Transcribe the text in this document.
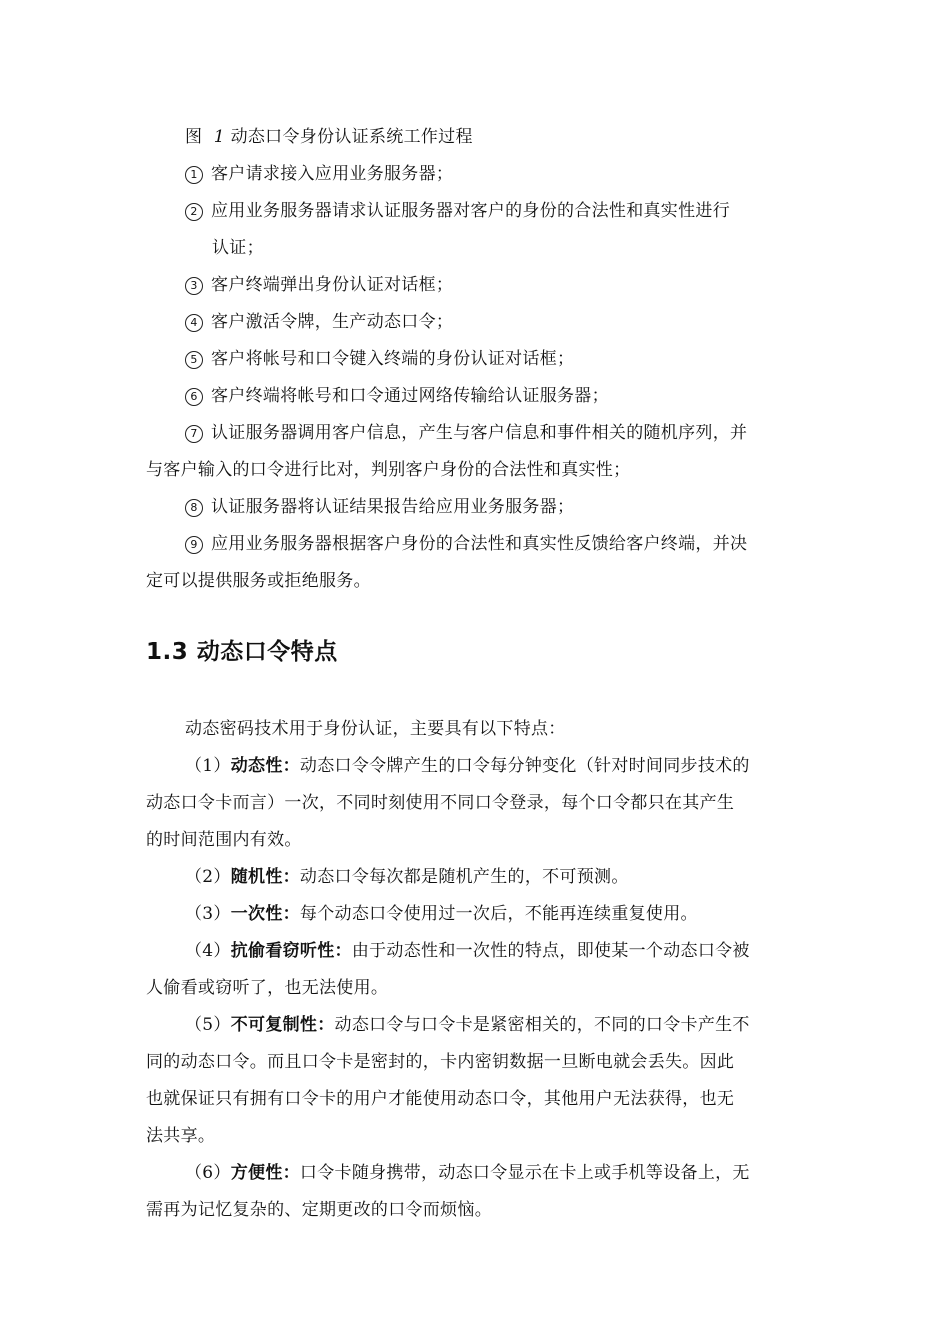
图 1 动态口令身份认证系统工作过程
1 客户请求接入应用业务服务器；
2 应用业务服务器请求认证服务器对客户的身份的合法性和真实性进行
认证；
3 客户终端弹出身份认证对话框；
4 客户激活令牌，生产动态口令；
5 客户将帐号和口令键入终端的身份认证对话框；
6 客户终端将帐号和口令通过网络传输给认证服务器；
7 认证服务器调用客户信息，产生与客户信息和事件相关的随机序列，并
与客户输入的口令进行比对，判别客户身份的合法性和真实性；
8 认证服务器将认证结果报告给应用业务服务器；
9 应用业务服务器根据客户身份的合法性和真实性反馈给客户终端，并决
定可以提供服务或拒绝服务。
1.3 动态口令特点
动态密码技术用于身份认证，主要具有以下特点：
（1）动态性：动态口令令牌产生的口令每分钟变化（针对时间同步技术的
动态口令卡而言）一次，不同时刻使用不同口令登录，每个口令都只在其产生
的时间范围内有效。
（2）随机性：动态口令每次都是随机产生的，不可预测。
（3）一次性：每个动态口令使用过一次后，不能再连续重复使用。
（4）抗偷看窃听性：由于动态性和一次性的特点，即使某一个动态口令被
人偷看或窃听了，也无法使用。
（5）不可复制性：动态口令与口令卡是紧密相关的，不同的口令卡产生不
同的动态口令。而且口令卡是密封的，卡内密钥数据一旦断电就会丢失。因此
也就保证只有拥有口令卡的用户才能使用动态口令，其他用户无法获得，也无
法共享。
（6）方便性：口令卡随身携带，动态口令显示在卡上或手机等设备上，无
需再为记忆复杂的、定期更改的口令而烦恼。
